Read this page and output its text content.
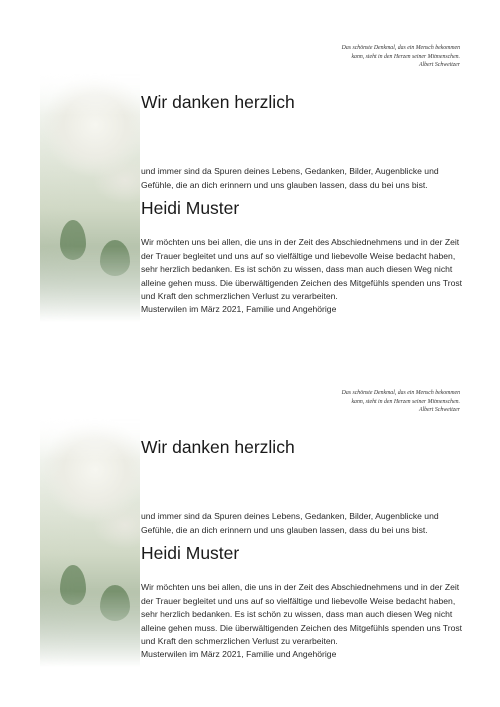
Das schönste Denkmal, das ein Mensch bekommen
kann, steht in den Herzen seiner Mitmenschen.
Albert Schweitzer
Wir danken herzlich
und immer sind da Spuren deines Lebens, Gedanken, Bilder, Augenblicke und
Gefühle, die an dich erinnern und uns glauben lassen, dass du bei uns bist.
Heidi Muster
Wir möchten uns bei allen, die uns in der Zeit des Abschiednehmens und in der Zeit
der Trauer begleitet und uns auf so vielfältige und liebevolle Weise bedacht haben,
sehr herzlich bedanken. Es ist schön zu wissen, dass man auch diesen Weg nicht
alleine gehen muss. Die überwältigenden Zeichen des Mitgefühls spenden uns Trost
und Kraft den schmerzlichen Verlust zu verarbeiten.
Musterwilen im März 2021, Familie und Angehörige
Das schönste Denkmal, das ein Mensch bekommen
kann, steht in den Herzen seiner Mitmenschen.
Albert Schweitzer
Wir danken herzlich
und immer sind da Spuren deines Lebens, Gedanken, Bilder, Augenblicke und
Gefühle, die an dich erinnern und uns glauben lassen, dass du bei uns bist.
Heidi Muster
Wir möchten uns bei allen, die uns in der Zeit des Abschiednehmens und in der Zeit
der Trauer begleitet und uns auf so vielfältige und liebevolle Weise bedacht haben,
sehr herzlich bedanken. Es ist schön zu wissen, dass man auch diesen Weg nicht
alleine gehen muss. Die überwältigenden Zeichen des Mitgefühls spenden uns Trost
und Kraft den schmerzlichen Verlust zu verarbeiten.
Musterwilen im März 2021, Familie und Angehörige
